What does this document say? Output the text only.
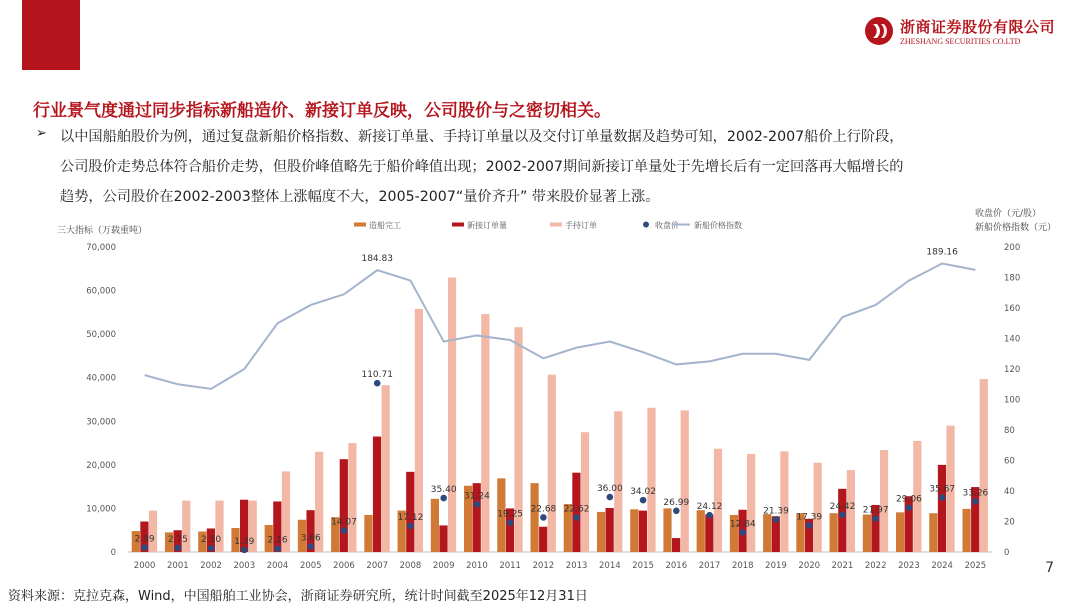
造船完工	新接订单量	手持订单	收盘价 新船价格指数
三大指标（万载重吨）
收盘价（元/股）
新船价格指数（元）
0
10,000
20,000
30,000
40,000
50,000
60,000
70,000
0
20
40
60
80
100
120
140
160
180
200
2000 2001 2002 2003 2004 2005 2006 2007 2008 2009 2010 2011 2012 2013 2014 2015 2016 2017 2018 2019 2020 2021 2022 2023 2024 2025
184.83
189.16
2.99 2.75 2.50 1.39 2.16 3.66
14.07
110.71
17.12
35.40
31.24
19.25
22.68 22.62
36.00 34.02
26.99 24.12
12.84
21.39
17.39
24.42 21.97
29.06
35.67 33.26
浙商证券股份有限公司
ZHESHANG SECURITIES CO.LTD
行业景气度通过同步指标新船造价、新接订单反映，公司股价与之密切相关。
➢ 以中国船舶股价为例，通过复盘新船价格指数、新接订单量、手持订单量以及交付订单量数据及趋势可知，2002-2007船价上行阶段，
公司股价走势总体符合船价走势，但股价峰值略先于船价峰值出现；2002-2007期间新接订单量处于先增长后有一定回落再大幅增长的
趋势，公司股价在2002-2003整体上涨幅度不大，2005-2007“量价齐升” 带来股价显著上涨。
7
资料来源：克拉克森，Wind，中国船舶工业协会，浙商证券研究所，统计时间截至2025年12月31日
